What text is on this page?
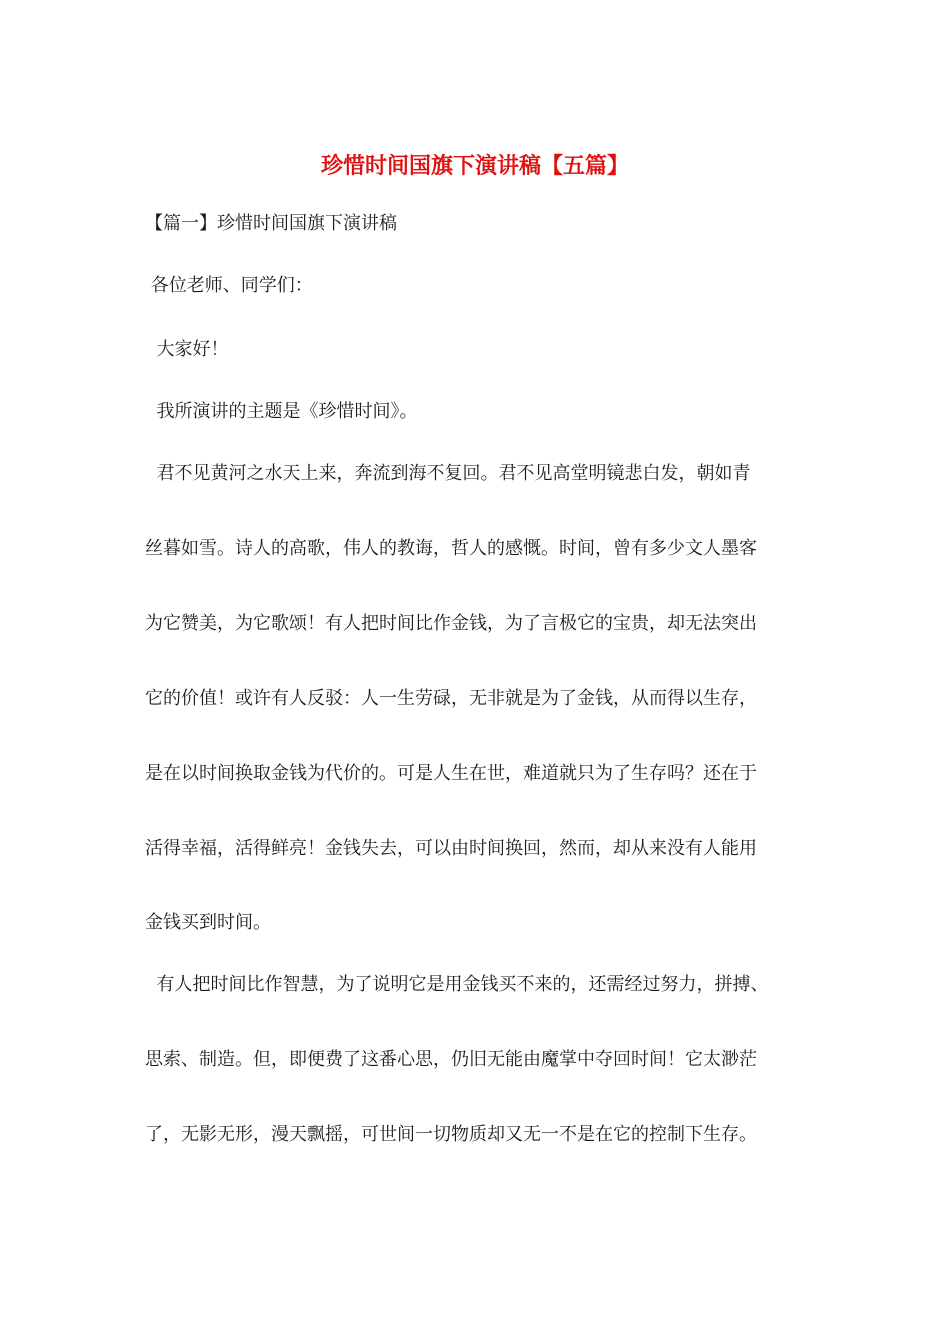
珍惜时间国旗下演讲稿【五篇】
【篇一】珍惜时间国旗下演讲稿
各位老师、同学们：
大家好！
我所演讲的主题是《珍惜时间》。
君不见黄河之水天上来，奔流到海不复回。君不见高堂明镜悲白发，朝如青
丝暮如雪。诗人的高歌，伟人的教诲，哲人的感慨。时间，曾有多少文人墨客
为它赞美，为它歌颂！有人把时间比作金钱，为了言极它的宝贵，却无法突出
它的价值！或许有人反驳：人一生劳碌，无非就是为了金钱，从而得以生存，
是在以时间换取金钱为代价的。可是人生在世，难道就只为了生存吗？还在于
活得幸福，活得鲜亮！金钱失去，可以由时间换回，然而，却从来没有人能用
金钱买到时间。
有人把时间比作智慧，为了说明它是用金钱买不来的，还需经过努力，拼搏、
思索、制造。但，即便费了这番心思，仍旧无能由魔掌中夺回时间！它太渺茫
了，无影无形，漫天飘摇，可世间一切物质却又无一不是在它的控制下生存。
